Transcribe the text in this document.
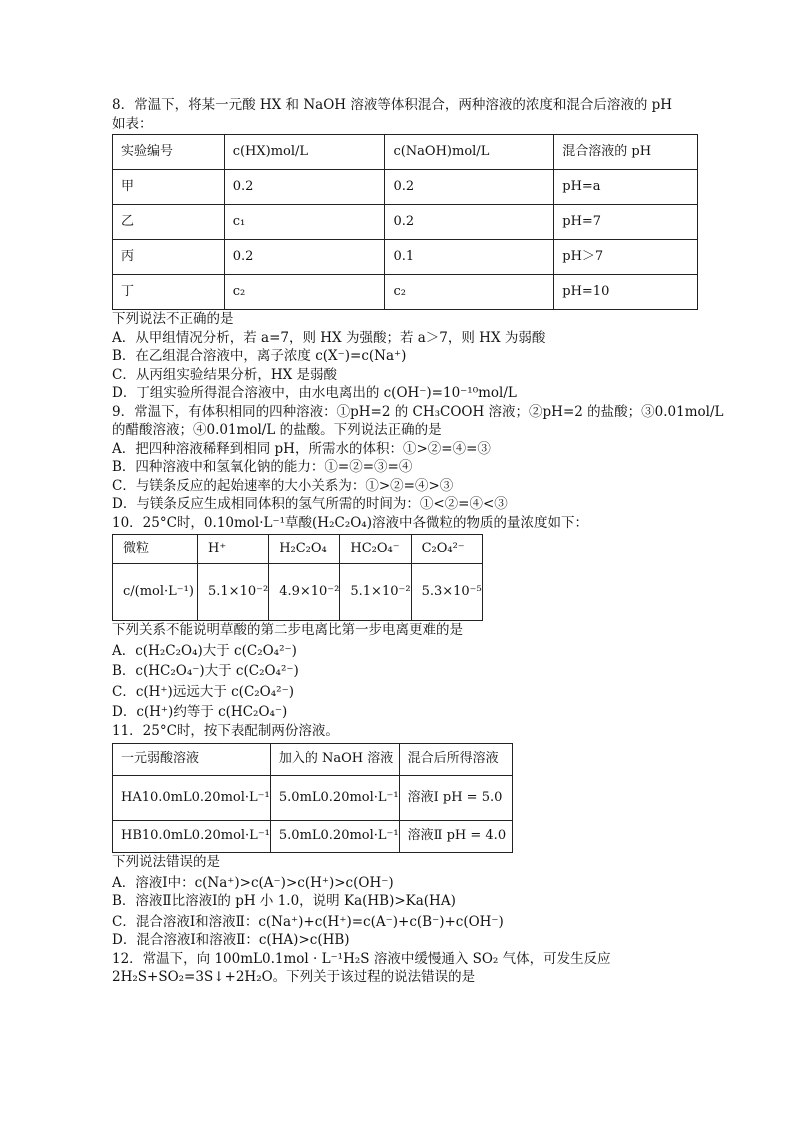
8．常温下，将某一元酸 HX 和 NaOH 溶液等体积混合，两种溶液的浓度和混合后溶液的 pH

如表：

实验编号	c(HX)mol/L	c(NaOH)mol/L	混合溶液的 pH
甲	0.2	0.2	pH=a
乙	c₁	0.2	pH=7
丙	0.2	0.1	pH＞7
丁	c₂	c₂	pH=10

下列说法不正确的是

A．从甲组情况分析，若 a=7，则 HX 为强酸；若 a＞7，则 HX 为弱酸

B．在乙组混合溶液中，离子浓度 c(X⁻)=c(Na⁺)

C．从丙组实验结果分析，HX 是弱酸

D．丁组实验所得混合溶液中，由水电离出的 c(OH⁻)=10⁻¹⁰mol/L

9．常温下，有体积相同的四种溶液：①pH=2 的 CH₃COOH 溶液；②pH=2 的盐酸；③0.01mol/L

的醋酸溶液；④0.01mol/L 的盐酸。下列说法正确的是

A．把四种溶液稀释到相同 pH，所需水的体积：①>②=④=③

B．四种溶液中和氢氧化钠的能力：①=②=③=④

C．与镁条反应的起始速率的大小关系为：①>②=④>③

D．与镁条反应生成相同体积的氢气所需的时间为：①<②=④<③

10．25°C时，0.10mol·L⁻¹草酸(H₂C₂O₄)溶液中各微粒的物质的量浓度如下：

微粒	H⁺	H₂C₂O₄	HC₂O₄⁻	C₂O₄²⁻
c/(mol·L⁻¹)	5.1×10⁻²	4.9×10⁻²	5.1×10⁻²	5.3×10⁻⁵

下列关系不能说明草酸的第二步电离比第一步电离更难的是

A．c(H₂C₂O₄)大于 c(C₂O₄²⁻)

B．c(HC₂O₄⁻)大于 c(C₂O₄²⁻)

C．c(H⁺)远远大于 c(C₂O₄²⁻)

D．c(H⁺)约等于 c(HC₂O₄⁻)

11．25°C时，按下表配制两份溶液。

一元弱酸溶液	加入的 NaOH 溶液	混合后所得溶液
HA10.0mL0.20mol·L⁻¹	5.0mL0.20mol·L⁻¹	溶液Ⅰ pH = 5.0
HB10.0mL0.20mol·L⁻¹	5.0mL0.20mol·L⁻¹	溶液Ⅱ pH = 4.0

下列说法错误的是

A．溶液Ⅰ中：c(Na⁺)>c(A⁻)>c(H⁺)>c(OH⁻)

B．溶液Ⅱ比溶液Ⅰ的 pH 小 1.0，说明 Ka(HB)>Ka(HA)

C．混合溶液Ⅰ和溶液Ⅱ：c(Na⁺)+c(H⁺)=c(A⁻)+c(B⁻)+c(OH⁻)

D．混合溶液Ⅰ和溶液Ⅱ：c(HA)>c(HB)

12．常温下，向 100mL0.1mol · L⁻¹H₂S 溶液中缓慢通入 SO₂ 气体，可发生反应

2H₂S+SO₂=3S↓+2H₂O。下列关于该过程的说法错误的是
